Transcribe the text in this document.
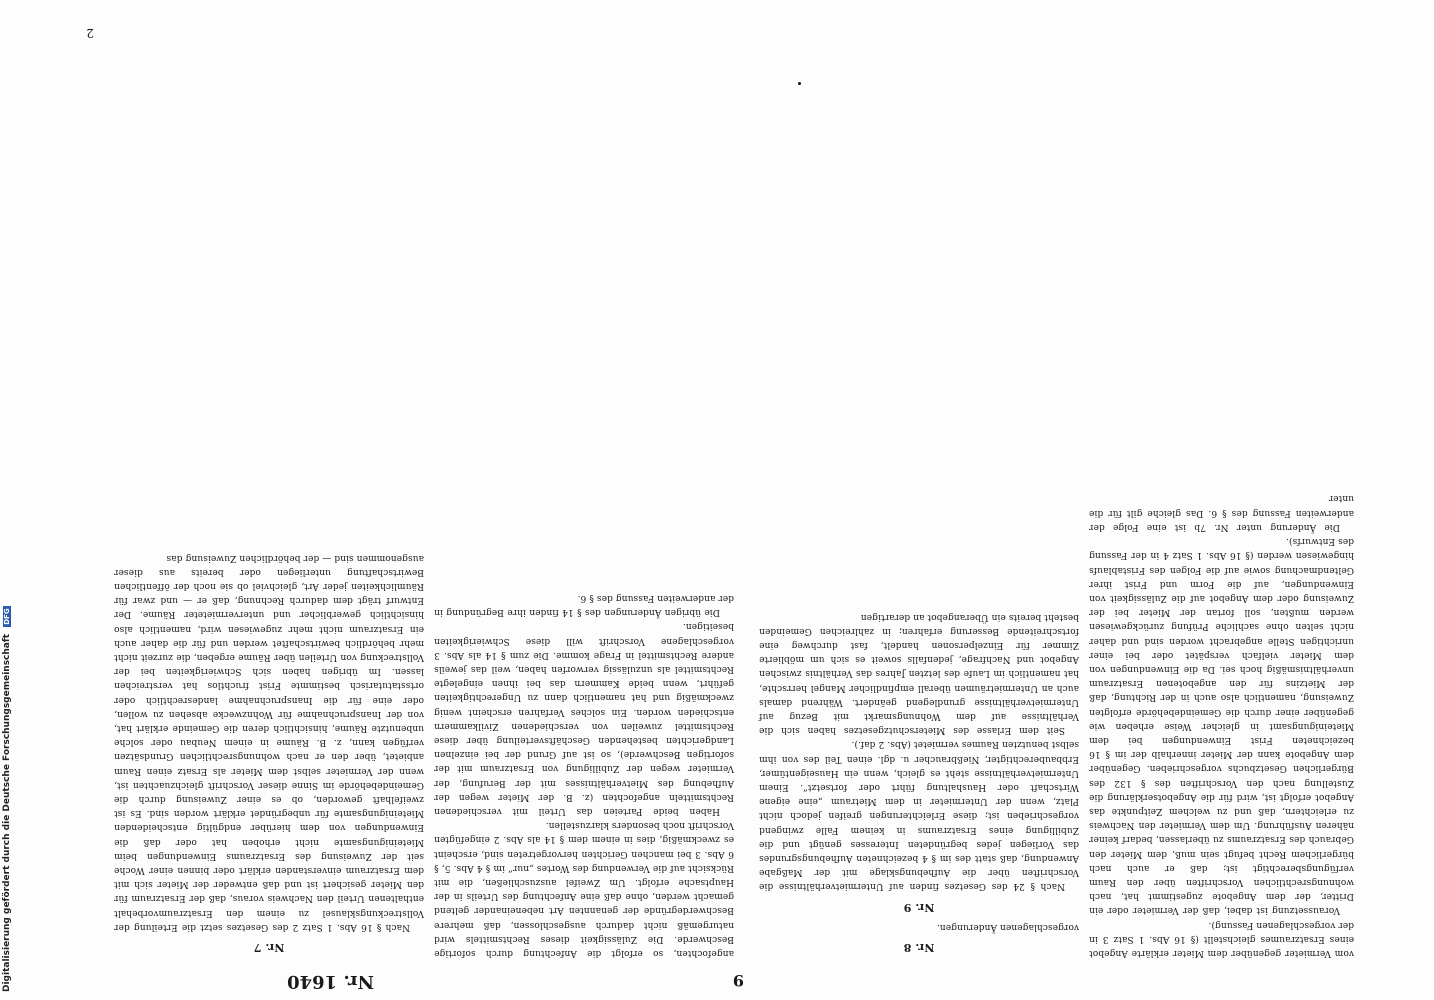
Nr. 1640	9

vom Vermieter gegenüber dem Mieter erklärte Angebot eines Ersatzraumes gleichstellt (§ 16 Abs. 1 Satz 3 in der vorgeschlagenen Fassung).

Voraussetzung ist dabei, daß der Vermieter oder ein Dritter, der dem Angebote zugestimmt hat, nach wohnungsrechtlichen Vorschriften über den Raum verfügungsberechtigt ist; daß er auch nach bürgerlichem Recht befugt sein muß, dem Mieter den Gebrauch des Ersatzraums zu überlassen, bedarf keiner näheren Ausführung. Um dem Vermieter den Nachweis zu erleichtern, daß und zu welchem Zeitpunkte das Angebot erfolgt ist, wird für die Angebotserklärung die Zustellung nach den Vorschriften des § 132 des Bürgerlichen Gesetzbuchs vorgeschrieben. Gegenüber dem Angebote kann der Mieter innerhalb der im § 16 bezeichneten Frist Einwendungen bei dem Mieteinigungsamt in gleicher Weise erheben wie gegenüber einer durch die Gemeindebehörde erfolgten Zuweisung, namentlich also auch in der Richtung, daß der Mietzins für den angebotenen Ersatzraum unverhältnismäßig hoch sei. Da die Einwendungen von dem Mieter vielfach verspätet oder bei einer unrichtigen Stelle angebracht worden sind und daher nicht selten ohne sachliche Prüfung zurückgewiesen werden mußten, soll fortan der Mieter bei der Zuweisung oder dem Angebot auf die Zulässigkeit von Einwendungen, auf die Form und Frist ihrer Geltendmachung sowie auf die Folgen des Fristablaufs hingewiesen werden (§ 16 Abs. 1 Satz 4 in der Fassung des Entwurfs).

Die Änderung unter Nr. 7b ist eine Folge der anderweiten Fassung des § 6. Das gleiche gilt für die unter

Nr. 8

vorgeschlagenen Änderungen.

Nr. 9

Nach § 24 des Gesetzes finden auf Untermietverhältnisse die Vorschriften über die Aufhebungsklage mit der Maßgabe Anwendung, daß statt des im § 4 bezeichneten Aufhebungsgrundes das Vorliegen jedes begründeten Interesses genügt und die Zubilligung eines Ersatzraums in keinem Falle zwingend vorgeschrieben ist; diese Erleichterungen greifen jedoch nicht Platz, wenn der Untermieter in dem Mietraum „eine eigene Wirtschaft oder Haushaltung führt oder fortsetzt“. Einem Untermietverhältnisse steht es gleich, wenn ein Hauseigentümer, Erbbauberechtigter, Nießbraucher u. dgl. einen Teil des von ihm selbst benutzten Raumes vermietet (Abs. 2 daf.).

Seit dem Erlasse des Mieterschutzgesetzes haben sich die Verhältnisse auf dem Wohnungsmarkt mit Bezug auf Untermietverhältnisse grundlegend geändert. Während damals auch an Untermieträumen überall empfindlicher Mangel herrschte, hat namentlich im Laufe des letzten Jahres das Verhältnis zwischen Angebot und Nachfrage, jedenfalls soweit es sich um möblierte Zimmer für Einzelpersonen handelt, fast durchweg eine fortschreitende Besserung erfahren; in zahlreichen Gemeinden besteht bereits ein Überangebot an derartigen

angefochten, so erfolgt die Anfechtung durch sofortige Beschwerde. Die Zulässigkeit dieses Rechtsmittels wird naturgemäß nicht dadurch ausgeschlossen, daß mehrere Beschwerdegründe der genannten Art nebeneinander geltend gemacht werden, ohne daß eine Anfechtung des Urteils in der Hauptsache erfolgt. Um Zweifel auszuschließen, die mit Rücksicht auf die Verwendung des Wortes „nur“ im § 4 Abs. 5, § 6 Abs. 3 bei manchen Gerichten hervorgetreten sind, erscheint es zweckmäßig, dies in einem dem § 14 als Abs. 2 eingefügten Vorschrift noch besonders klarzustellen.

Haben beide Parteien das Urteil mit verschiedenen Rechtsmitteln angefochten (z. B. der Mieter wegen der Aufhebung des Mietverhältnisses mit der Berufung, der Vermieter wegen der Zubilligung von Ersatzraum mit der sofortigen Beschwerde), so ist auf Grund der bei einzelnen Landgerichten bestehenden Geschäftsverteilung über diese Rechtsmittel zuweilen von verschiedenen Zivilkammern entschieden worden. Ein solches Verfahren erscheint wenig zweckmäßig und hat namentlich dann zu Ungerechtigkeiten geführt, wenn beide Kammern das bei ihnen eingelegte Rechtsmittel als unzulässig verworfen haben, weil das jeweils andere Rechtsmittel in Frage komme. Die zum § 14 als Abs. 3 vorgeschlagene Vorschrift will diese Schwierigkeiten beseitigen.

Die übrigen Änderungen des § 14 finden ihre Begründung in der anderweiten Fassung des § 6.

Nr. 7

Nach § 16 Abs. 1 Satz 2 des Gesetzes setzt die Erteilung der Vollstreckungsklausel zu einem den Ersatzraumvorbehalt enthaltenen Urteil den Nachweis voraus, daß der Ersatzraum für den Mieter gesichert ist und daß entweder der Mieter sich mit dem Ersatzraum einverstanden erklärt oder binnen einer Woche seit der Zuweisung des Ersatzraums Einwendungen beim Mieteinigungsamte nicht erhoben hat oder daß die Einwendungen von dem hierüber endgültig entscheidenden Mieteinigungsamte für unbegründet erklärt worden sind. Es ist zweifelhaft geworden, ob es einer Zuweisung durch die Gemeindebehörde im Sinne dieser Vorschrift gleichzuachten ist, wenn der Vermieter selbst dem Mieter als Ersatz einen Raum anbietet, über den er nach wohnungsrechtlichen Grundsätzen verfügen kann, z. B. Räume in einem Neubau oder solche unbenutzte Räume, hinsichtlich deren die Gemeinde erklärt hat, von der Inanspruchnahme für Wohnzwecke absehen zu wollen, oder eine für die Inanspruchnahme landesrechtlich oder ortsstatutarisch bestimmte Frist fruchtlos hat verstreichen lassen. Im übrigen haben sich Schwierigkeiten bei der Vollstreckung von Urteilen über Räume ergeben, die zurzeit nicht mehr behördlich bewirtschaftet werden und für die daher auch ein Ersatzraum nicht mehr zugewiesen wird, namentlich also hinsichtlich gewerblicher und untervermieteter Räume. Der Entwurf trägt dem dadurch Rechnung, daß er — und zwar für Räumlichkeiten jeder Art, gleichviel ob sie noch der öffentlichen Bewirtschaftung unterliegen oder bereits aus dieser ausgenommen sind — der behördlichen Zuweisung das

2
Digitalisierung gefördert durch die Deutsche Forschungsgemeinschaft DFG
